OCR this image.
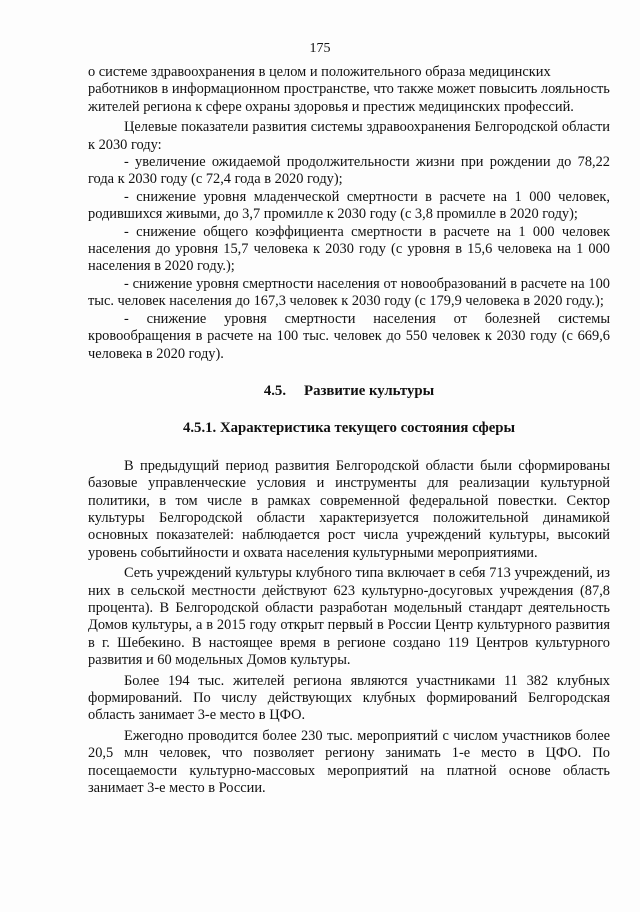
175

о системе здравоохранения в целом и положительного образа медицинских работников в информационном пространстве, что также может повысить лояльность жителей региона к сфере охраны здоровья и престиж медицинских профессий.

Целевые показатели развития системы здравоохранения Белгородской области к 2030 году:

- увеличение ожидаемой продолжительности жизни при рождении до 78,22 года к 2030 году (с 72,4 года в 2020 году);

- снижение уровня младенческой смертности в расчете на 1 000 человек, родившихся живыми, до 3,7 промилле к 2030 году (с 3,8 промилле в 2020 году);

- снижение общего коэффициента смертности в расчете на 1 000 человек населения до уровня 15,7 человека к 2030 году (с уровня в 15,6 человека на 1 000 населения в 2020 году.);

- снижение уровня смертности населения от новообразований в расчете на 100 тыс. человек населения до 167,3 человек к 2030 году (с 179,9 человека в 2020 году.);

- снижение уровня смертности населения от болезней системы кровообращения в расчете на 100 тыс. человек до 550 человек к 2030 году (с 669,6 человека в 2020 году).

4.5. Развитие культуры
4.5.1. Характеристика текущего состояния сферы

В предыдущий период развития Белгородской области были сформированы базовые управленческие условия и инструменты для реализации культурной политики, в том числе в рамках современной федеральной повестки. Сектор культуры Белгородской области характеризуется положительной динамикой основных показателей: наблюдается рост числа учреждений культуры, высокий уровень событийности и охвата населения культурными мероприятиями.

Сеть учреждений культуры клубного типа включает в себя 713 учреждений, из них в сельской местности действуют 623 культурно-досуговых учреждения (87,8 процента). В Белгородской области разработан модельный стандарт деятельность Домов культуры, а в 2015 году открыт первый в России Центр культурного развития в г. Шебекино. В настоящее время в регионе создано 119 Центров культурного развития и 60 модельных Домов культуры.

Более 194 тыс. жителей региона являются участниками 11 382 клубных формирований. По числу действующих клубных формирований Белгородская область занимает 3-е место в ЦФО.

Ежегодно проводится более 230 тыс. мероприятий с числом участников более 20,5 млн человек, что позволяет региону занимать 1-е место в ЦФО. По посещаемости культурно-массовых мероприятий на платной основе область занимает 3-е место в России.
